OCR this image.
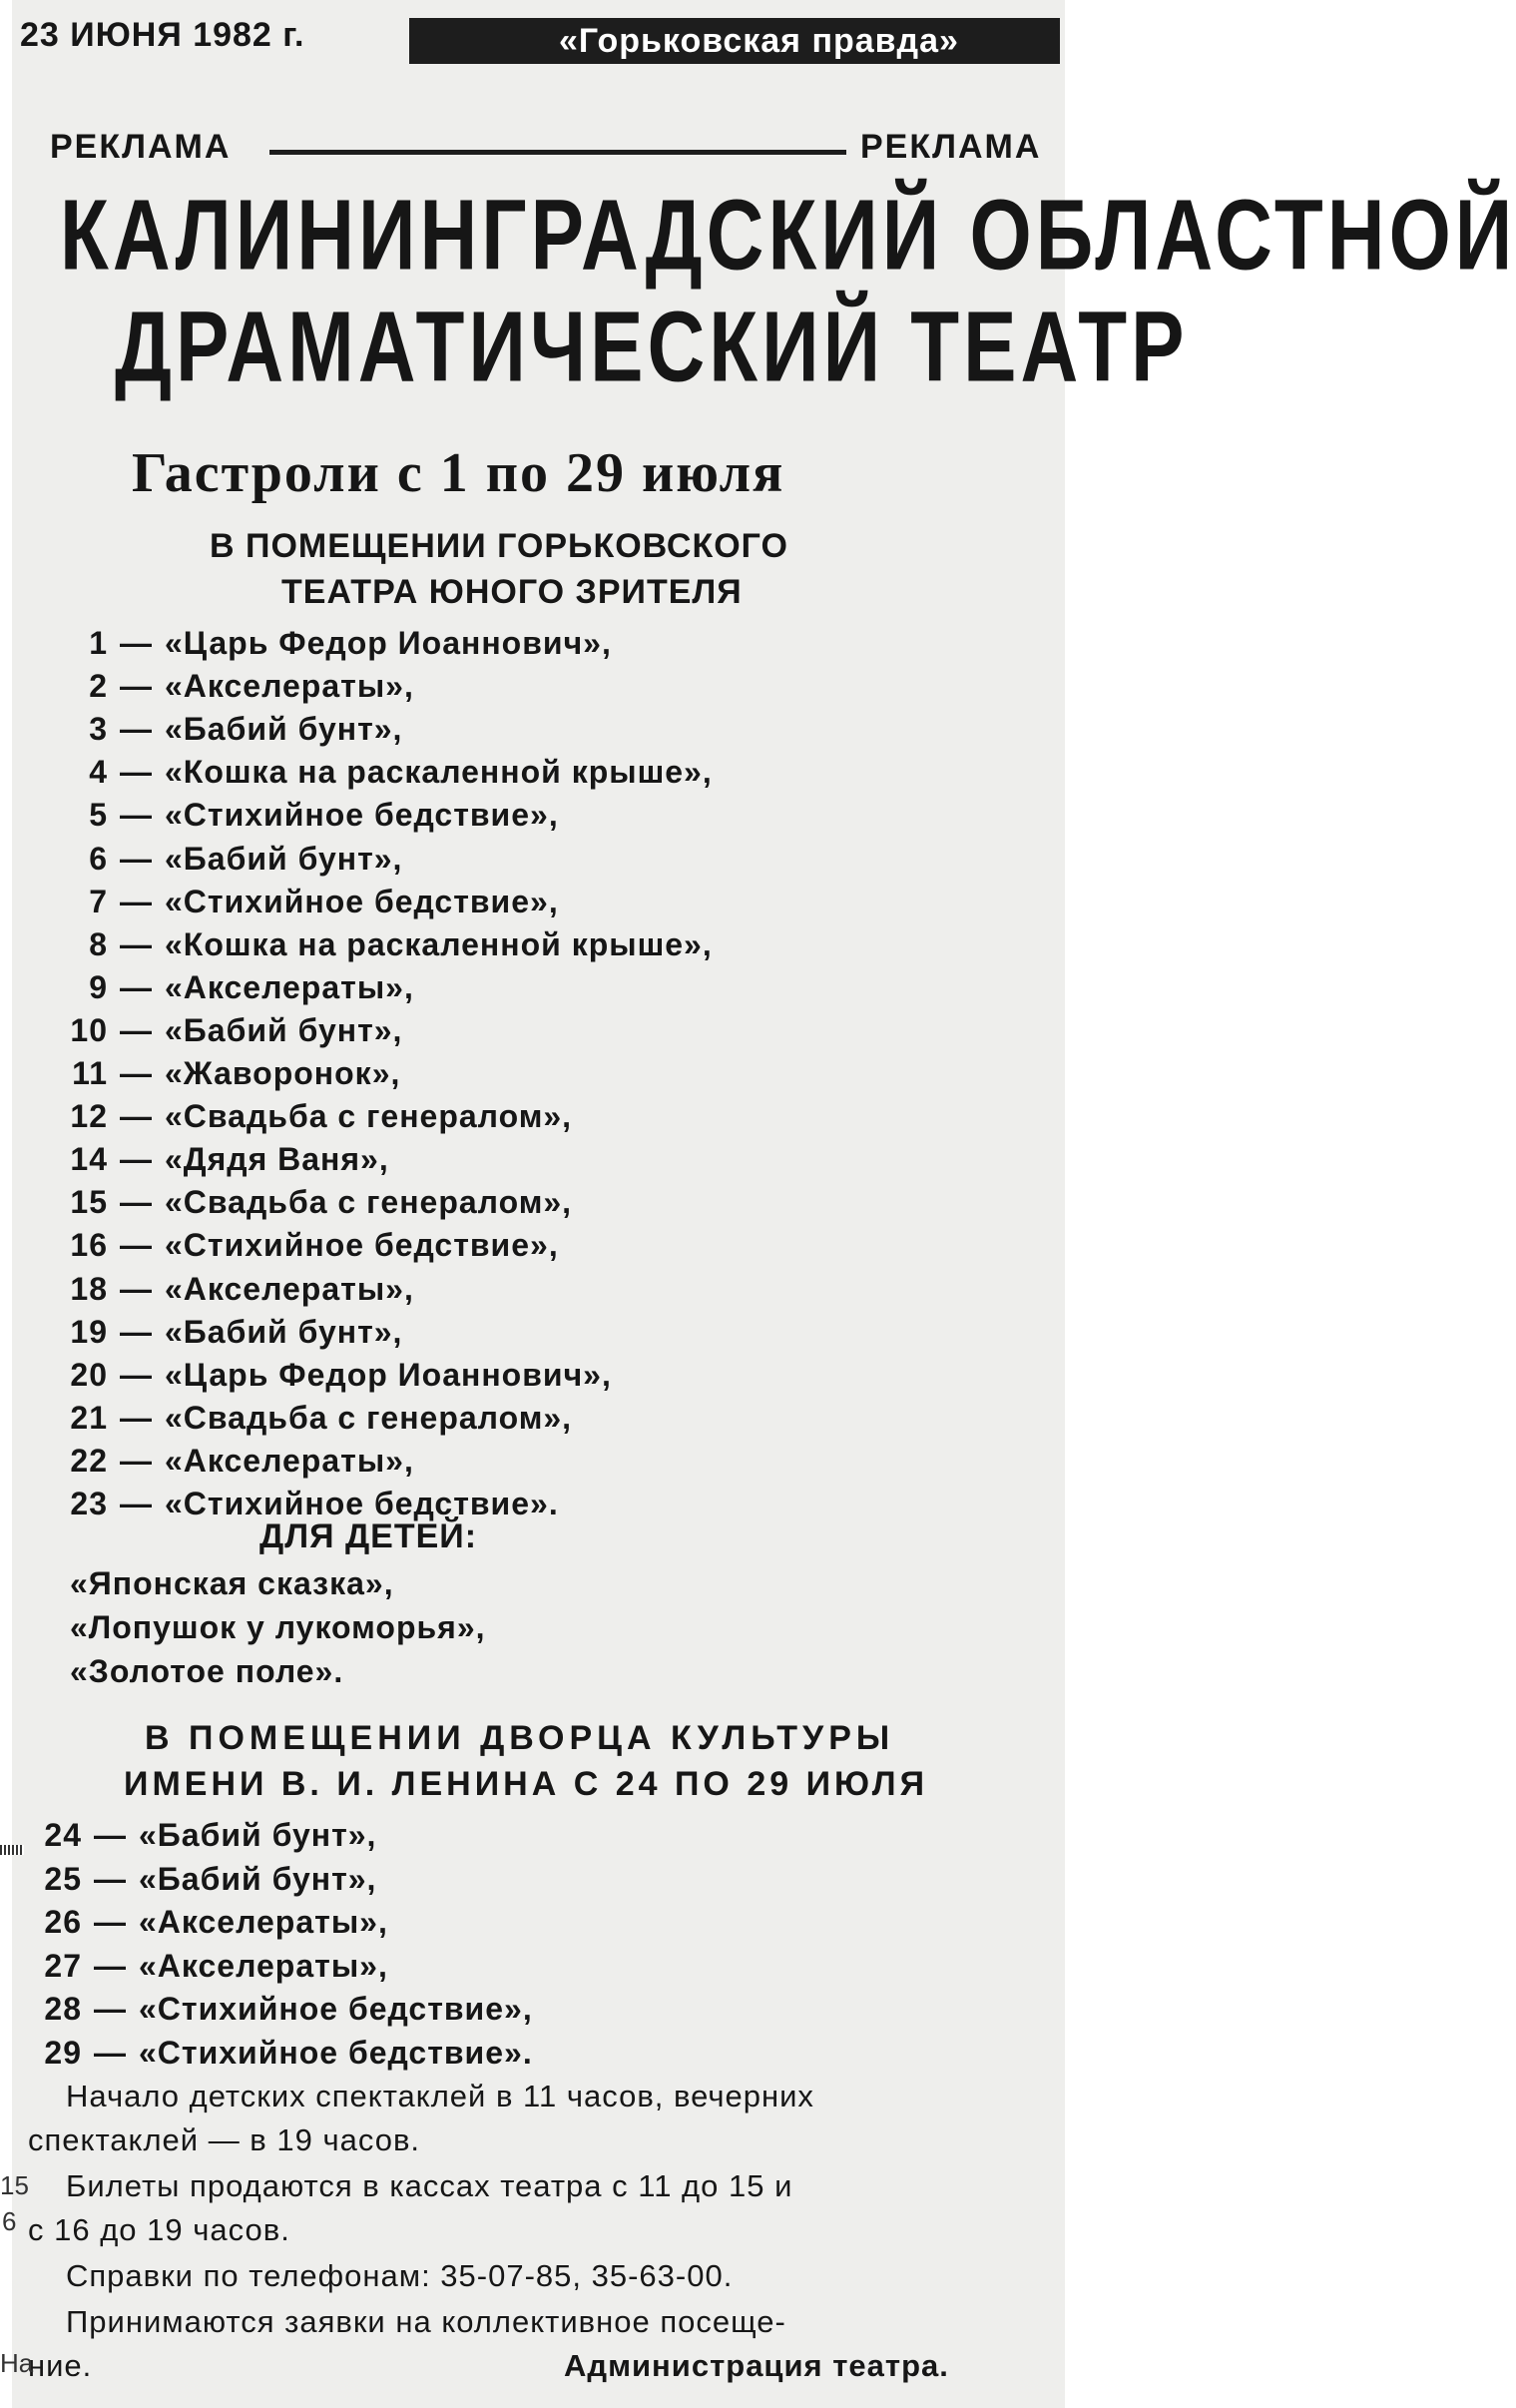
23 ИЮНЯ 1982 г.	«Горьковская правда»
РЕКЛАМА	РЕКЛАМА
КАЛИНИНГРАДСКИЙ ОБЛАСТНОЙ
ДРАМАТИЧЕСКИЙ ТЕАТР
Гастроли с 1 по 29 июля
В ПОМЕЩЕНИИ ГОРЬКОВСКОГО
ТЕАТРА ЮНОГО ЗРИТЕЛЯ
1 — «Царь Федор Иоаннович»,
2 — «Акселераты»,
3 — «Бабий бунт»,
4 — «Кошка на раскаленной крыше»,
5 — «Стихийное бедствие»,
6 — «Бабий бунт»,
7 — «Стихийное бедствие»,
8 — «Кошка на раскаленной крыше»,
9 — «Акселераты»,
10 — «Бабий бунт»,
11 — «Жаворонок»,
12 — «Свадьба с генералом»,
14 — «Дядя Ваня»,
15 — «Свадьба с генералом»,
16 — «Стихийное бедствие»,
18 — «Акселераты»,
19 — «Бабий бунт»,
20 — «Царь Федор Иоаннович»,
21 — «Свадьба с генералом»,
22 — «Акселераты»,
23 — «Стихийное бедствие».
ДЛЯ ДЕТЕЙ:
«Японская сказка»,
«Лопушок у лукоморья»,
«Золотое поле».
В ПОМЕЩЕНИИ ДВОРЦА КУЛЬТУРЫ
ИМЕНИ В. И. ЛЕНИНА С 24 ПО 29 ИЮЛЯ
24 — «Бабий бунт»,
25 — «Бабий бунт»,
26 — «Акселераты»,
27 — «Акселераты»,
28 — «Стихийное бедствие»,
29 — «Стихийное бедствие».
Начало детских спектаклей в 11 часов, вечерних
спектаклей — в 19 часов.
Билеты продаются в кассах театра с 11 до 15 и
с 16 до 19 часов.
Справки по телефонам: 35-07-85, 35-63-00.
Принимаются заявки на коллективное посеще-
ние.	Администрация театра.
15
6
На
